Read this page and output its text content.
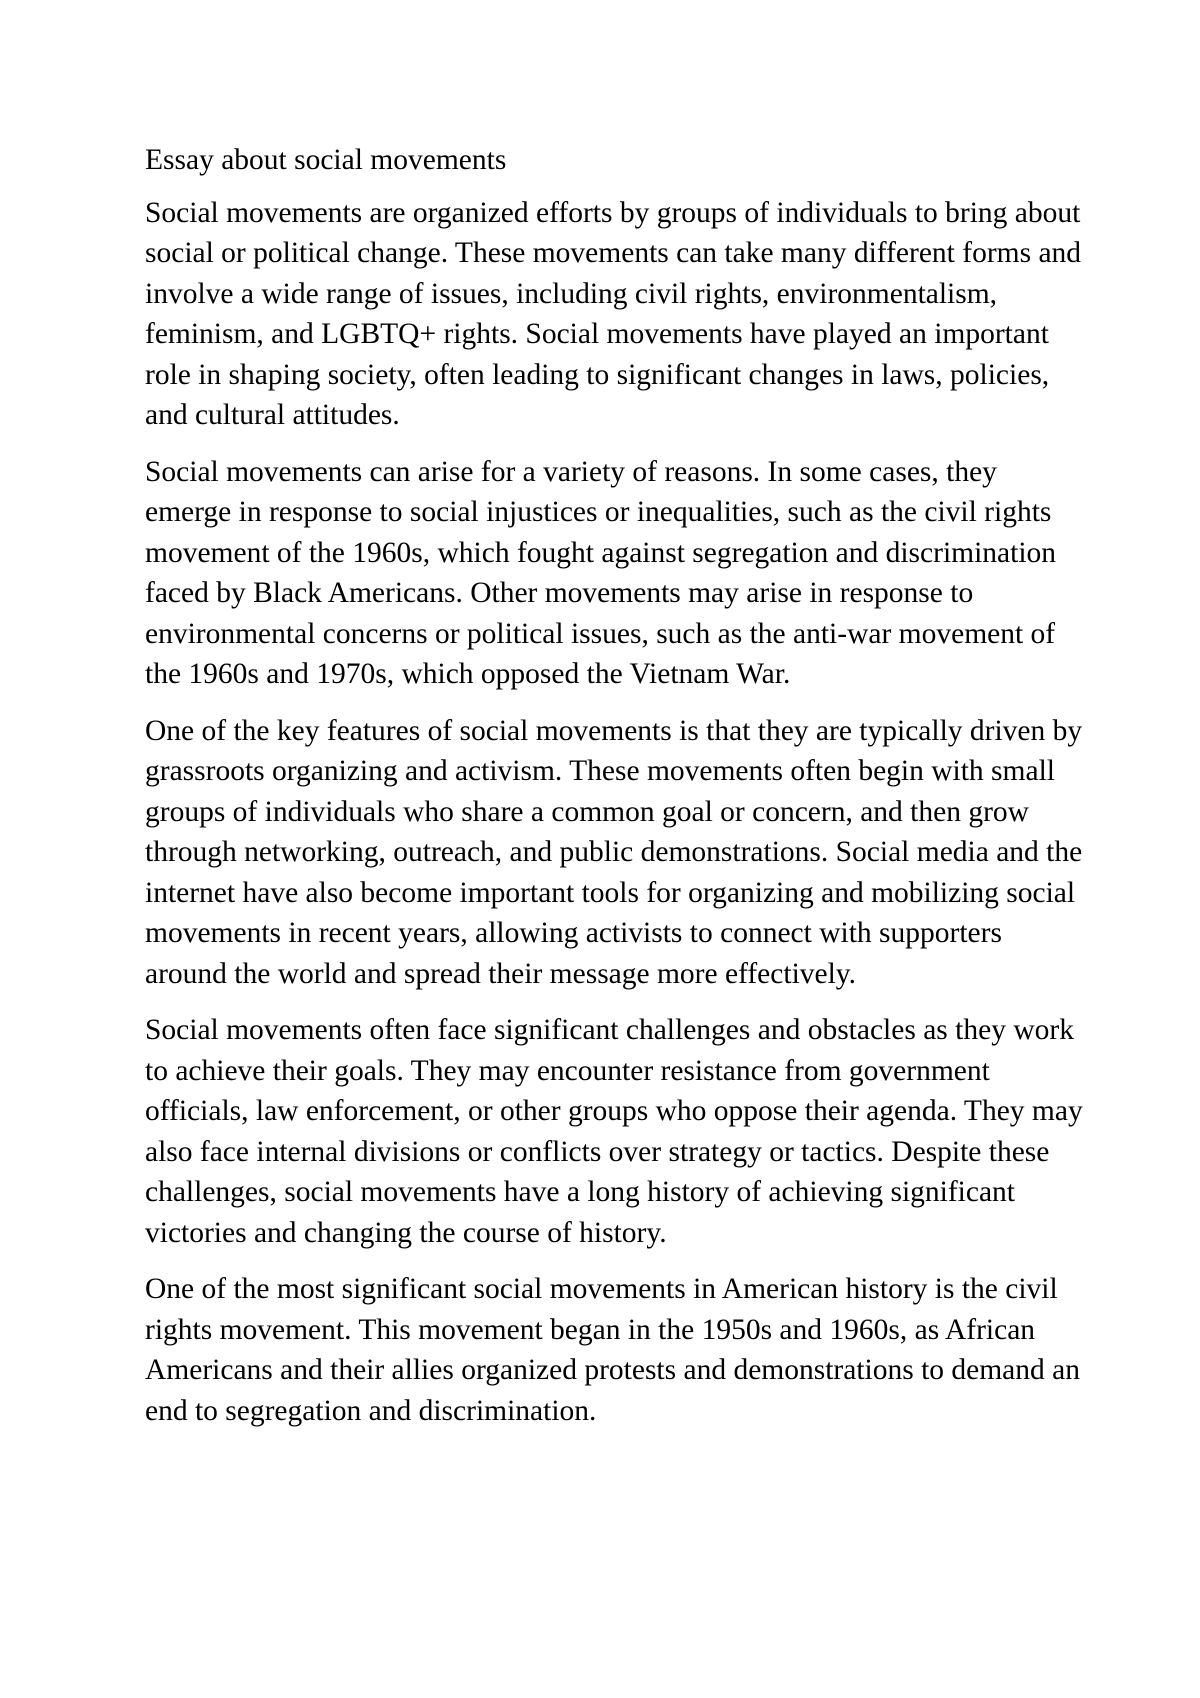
Essay about social movements

Social movements are organized efforts by groups of individuals to bring about social or political change. These movements can take many different forms and involve a wide range of issues, including civil rights, environmentalism, feminism, and LGBTQ+ rights. Social movements have played an important role in shaping society, often leading to significant changes in laws, policies, and cultural attitudes.

Social movements can arise for a variety of reasons. In some cases, they emerge in response to social injustices or inequalities, such as the civil rights movement of the 1960s, which fought against segregation and discrimination faced by Black Americans. Other movements may arise in response to environmental concerns or political issues, such as the anti-war movement of the 1960s and 1970s, which opposed the Vietnam War.

One of the key features of social movements is that they are typically driven by grassroots organizing and activism. These movements often begin with small groups of individuals who share a common goal or concern, and then grow through networking, outreach, and public demonstrations. Social media and the internet have also become important tools for organizing and mobilizing social movements in recent years, allowing activists to connect with supporters around the world and spread their message more effectively.

Social movements often face significant challenges and obstacles as they work to achieve their goals. They may encounter resistance from government officials, law enforcement, or other groups who oppose their agenda. They may also face internal divisions or conflicts over strategy or tactics. Despite these challenges, social movements have a long history of achieving significant victories and changing the course of history.

One of the most significant social movements in American history is the civil rights movement. This movement began in the 1950s and 1960s, as African Americans and their allies organized protests and demonstrations to demand an end to segregation and discrimination.
